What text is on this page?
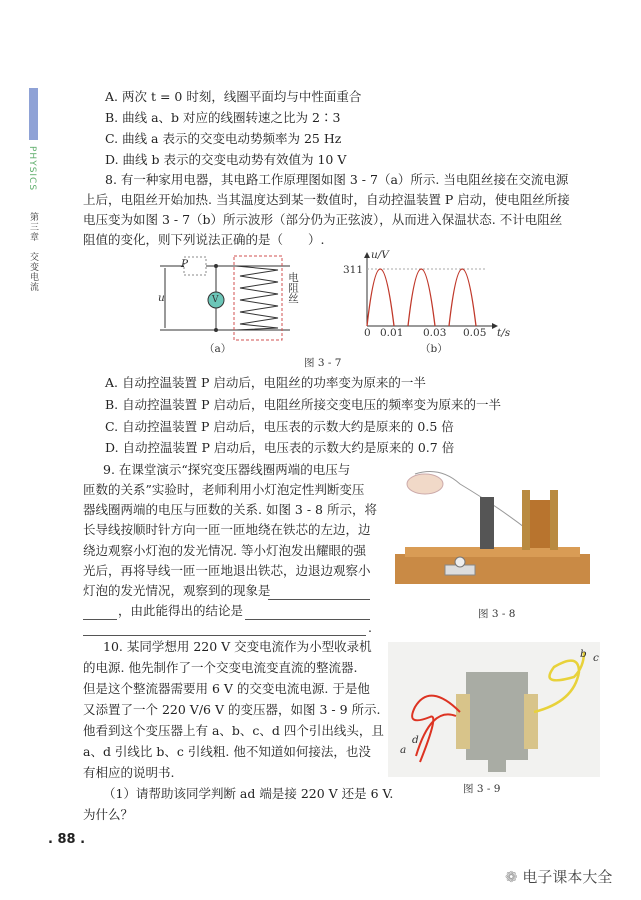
PHYSICS
第三章　交变电流
A. 两次 t = 0 时刻，线圈平面均与中性面重合
B. 曲线 a、b 对应的线圈转速之比为 2∶3
C. 曲线 a 表示的交变电动势频率为 25 Hz
D. 曲线 b 表示的交变电动势有效值为 10 V
8. 有一种家用电器，其电路工作原理图如图 3 - 7（a）所示. 当电阻丝接在交流电源
上后，电阻丝开始加热. 当其温度达到某一数值时，自动控温装置 P 启动，使电阻丝所接
电压变为如图 3 - 7（b）所示波形（部分仍为正弦波），从而进入保温状态. 不计电阻丝
阻值的变化，则下列说法正确的是（　　）.
P
u	V	电阻丝
（a）
u/V
311
0 0.01 0.03 0.05 t/s
（b）
图 3 - 7
A. 自动控温装置 P 启动后，电阻丝的功率变为原来的一半
B. 自动控温装置 P 启动后，电阻丝所接交变电压的频率变为原来的一半
C. 自动控温装置 P 启动后，电压表的示数大约是原来的 0.5 倍
D. 自动控温装置 P 启动后，电压表的示数大约是原来的 0.7 倍
9. 在课堂演示“探究变压器线圈两端的电压与
匝数的关系”实验时，老师利用小灯泡定性判断变压
器线圈两端的电压与匝数的关系. 如图 3 - 8 所示，将
长导线按顺时针方向一匝一匝地绕在铁芯的左边，边
绕边观察小灯泡的发光情况. 等小灯泡发出耀眼的强
光后，再将导线一匝一匝地退出铁芯，边退边观察小
灯泡的发光情况，观察到的现象是
，由此能得出的结论是
.
图 3 - 8
10. 某同学想用 220 V 交变电流作为小型收录机
的电源. 他先制作了一个交变电流变直流的整流器.
但是这个整流器需要用 6 V 的交变电流电源. 于是他
又添置了一个 220 V/6 V 的变压器，如图 3 - 9 所示.
他看到这个变压器上有 a、b、c、d 四个引出线头，且
a、d 引线比 b、c 引线粗. 他不知道如何接法，也没
有相应的说明书.
（1）请帮助该同学判断 ad 端是接 220 V 还是 6 V.
为什么？
a
d
b c
图 3 - 9
. 88 .
❁ 电子课本大全
